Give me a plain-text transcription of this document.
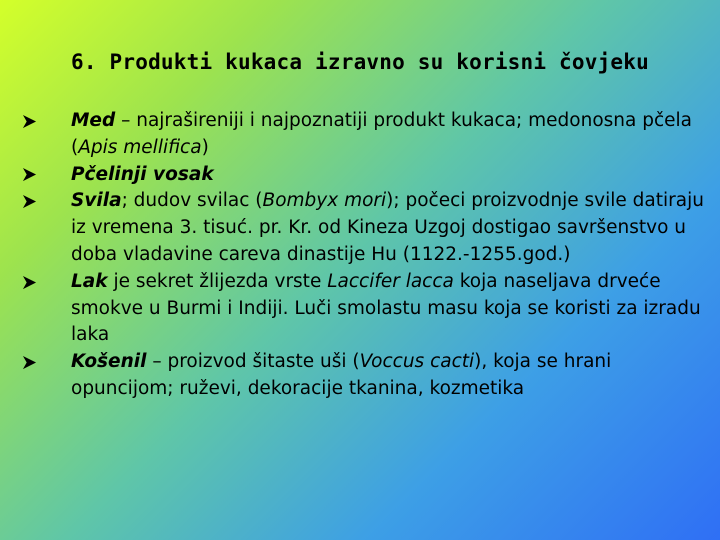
6. Produkti kukaca izravno su korisni čovjeku
Med – najrašireniji i najpoznatiji produkt kukaca; medonosna pčela (Apis mellifica)
Pčelinji vosak
Svila; dudov svilac (Bombyx mori); počeci proizvodnje svile datiraju iz vremena 3. tisuć. pr. Kr. od Kineza Uzgoj dostigao savršenstvo u doba vladavine careva dinastije Hu (1122.-1255.god.)
Lak je sekret žlijezda vrste Laccifer lacca koja naseljava drveće smokve u Burmi i Indiji. Luči smolastu masu koja se koristi za izradu laka
Košenil – proizvod šitaste uši (Voccus cacti), koja se hrani opuncijom; ruževi, dekoracije tkanina, kozmetika
